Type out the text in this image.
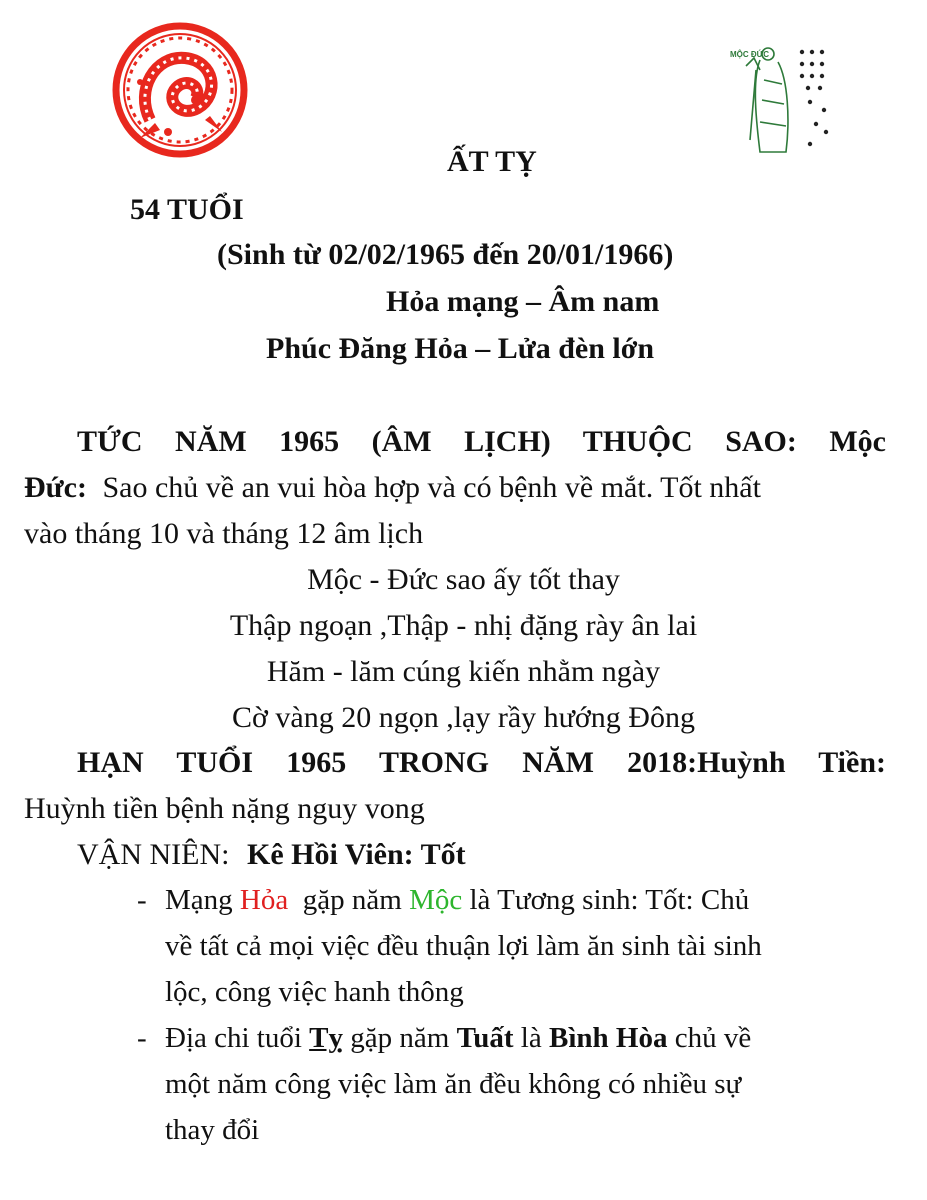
MỘC ĐỨC
ẤT TỴ
54 TUỔI
(Sinh từ 02/02/1965 đến 20/01/1966)
Hỏa mạng – Âm nam
Phúc Đăng Hỏa – Lửa đèn lớn
TỨC NĂM 1965 (ÂM LỊCH) THUỘC SAO: Mộc
Đức: Sao chủ về an vui hòa hợp và có bệnh về mắt. Tốt nhất
vào tháng 10 và tháng 12 âm lịch
Mộc - Đức sao ấy tốt thay
Thập ngoạn ,Thập - nhị đặng rày ân lai
Hăm - lăm cúng kiến nhằm ngày
Cờ vàng 20 ngọn ,lạy rầy hướng Đông
HẠN TUỔI 1965 TRONG NĂM 2018:Huỳnh Tiền:
Huỳnh tiền bệnh nặng nguy vong
VẬN NIÊN: Kê Hồi Viên: Tốt
- Mạng Hỏa  gặp năm Mộc là Tương sinh: Tốt: Chủ
về tất cả mọi việc đều thuận lợi làm ăn sinh tài sinh
lộc, công việc hanh thông
- Địa chi tuổi Tỵ gặp năm Tuất là Bình Hòa chủ về
một năm công việc làm ăn đều không có nhiều sự
thay đổi
